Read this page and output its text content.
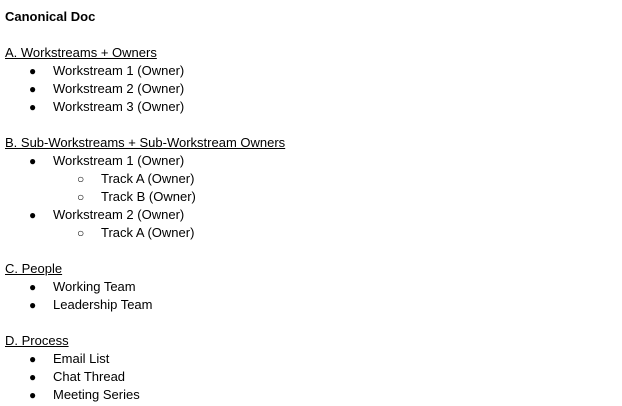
Canonical Doc
A. Workstreams + Owners
● Workstream 1 (Owner)
● Workstream 2 (Owner)
● Workstream 3 (Owner)
B. Sub-Workstreams + Sub-Workstream Owners
● Workstream 1 (Owner)
○ Track A (Owner)
○ Track B (Owner)
● Workstream 2 (Owner)
○ Track A (Owner)
C. People
● Working Team
● Leadership Team
D. Process
● Email List
● Chat Thread
● Meeting Series
